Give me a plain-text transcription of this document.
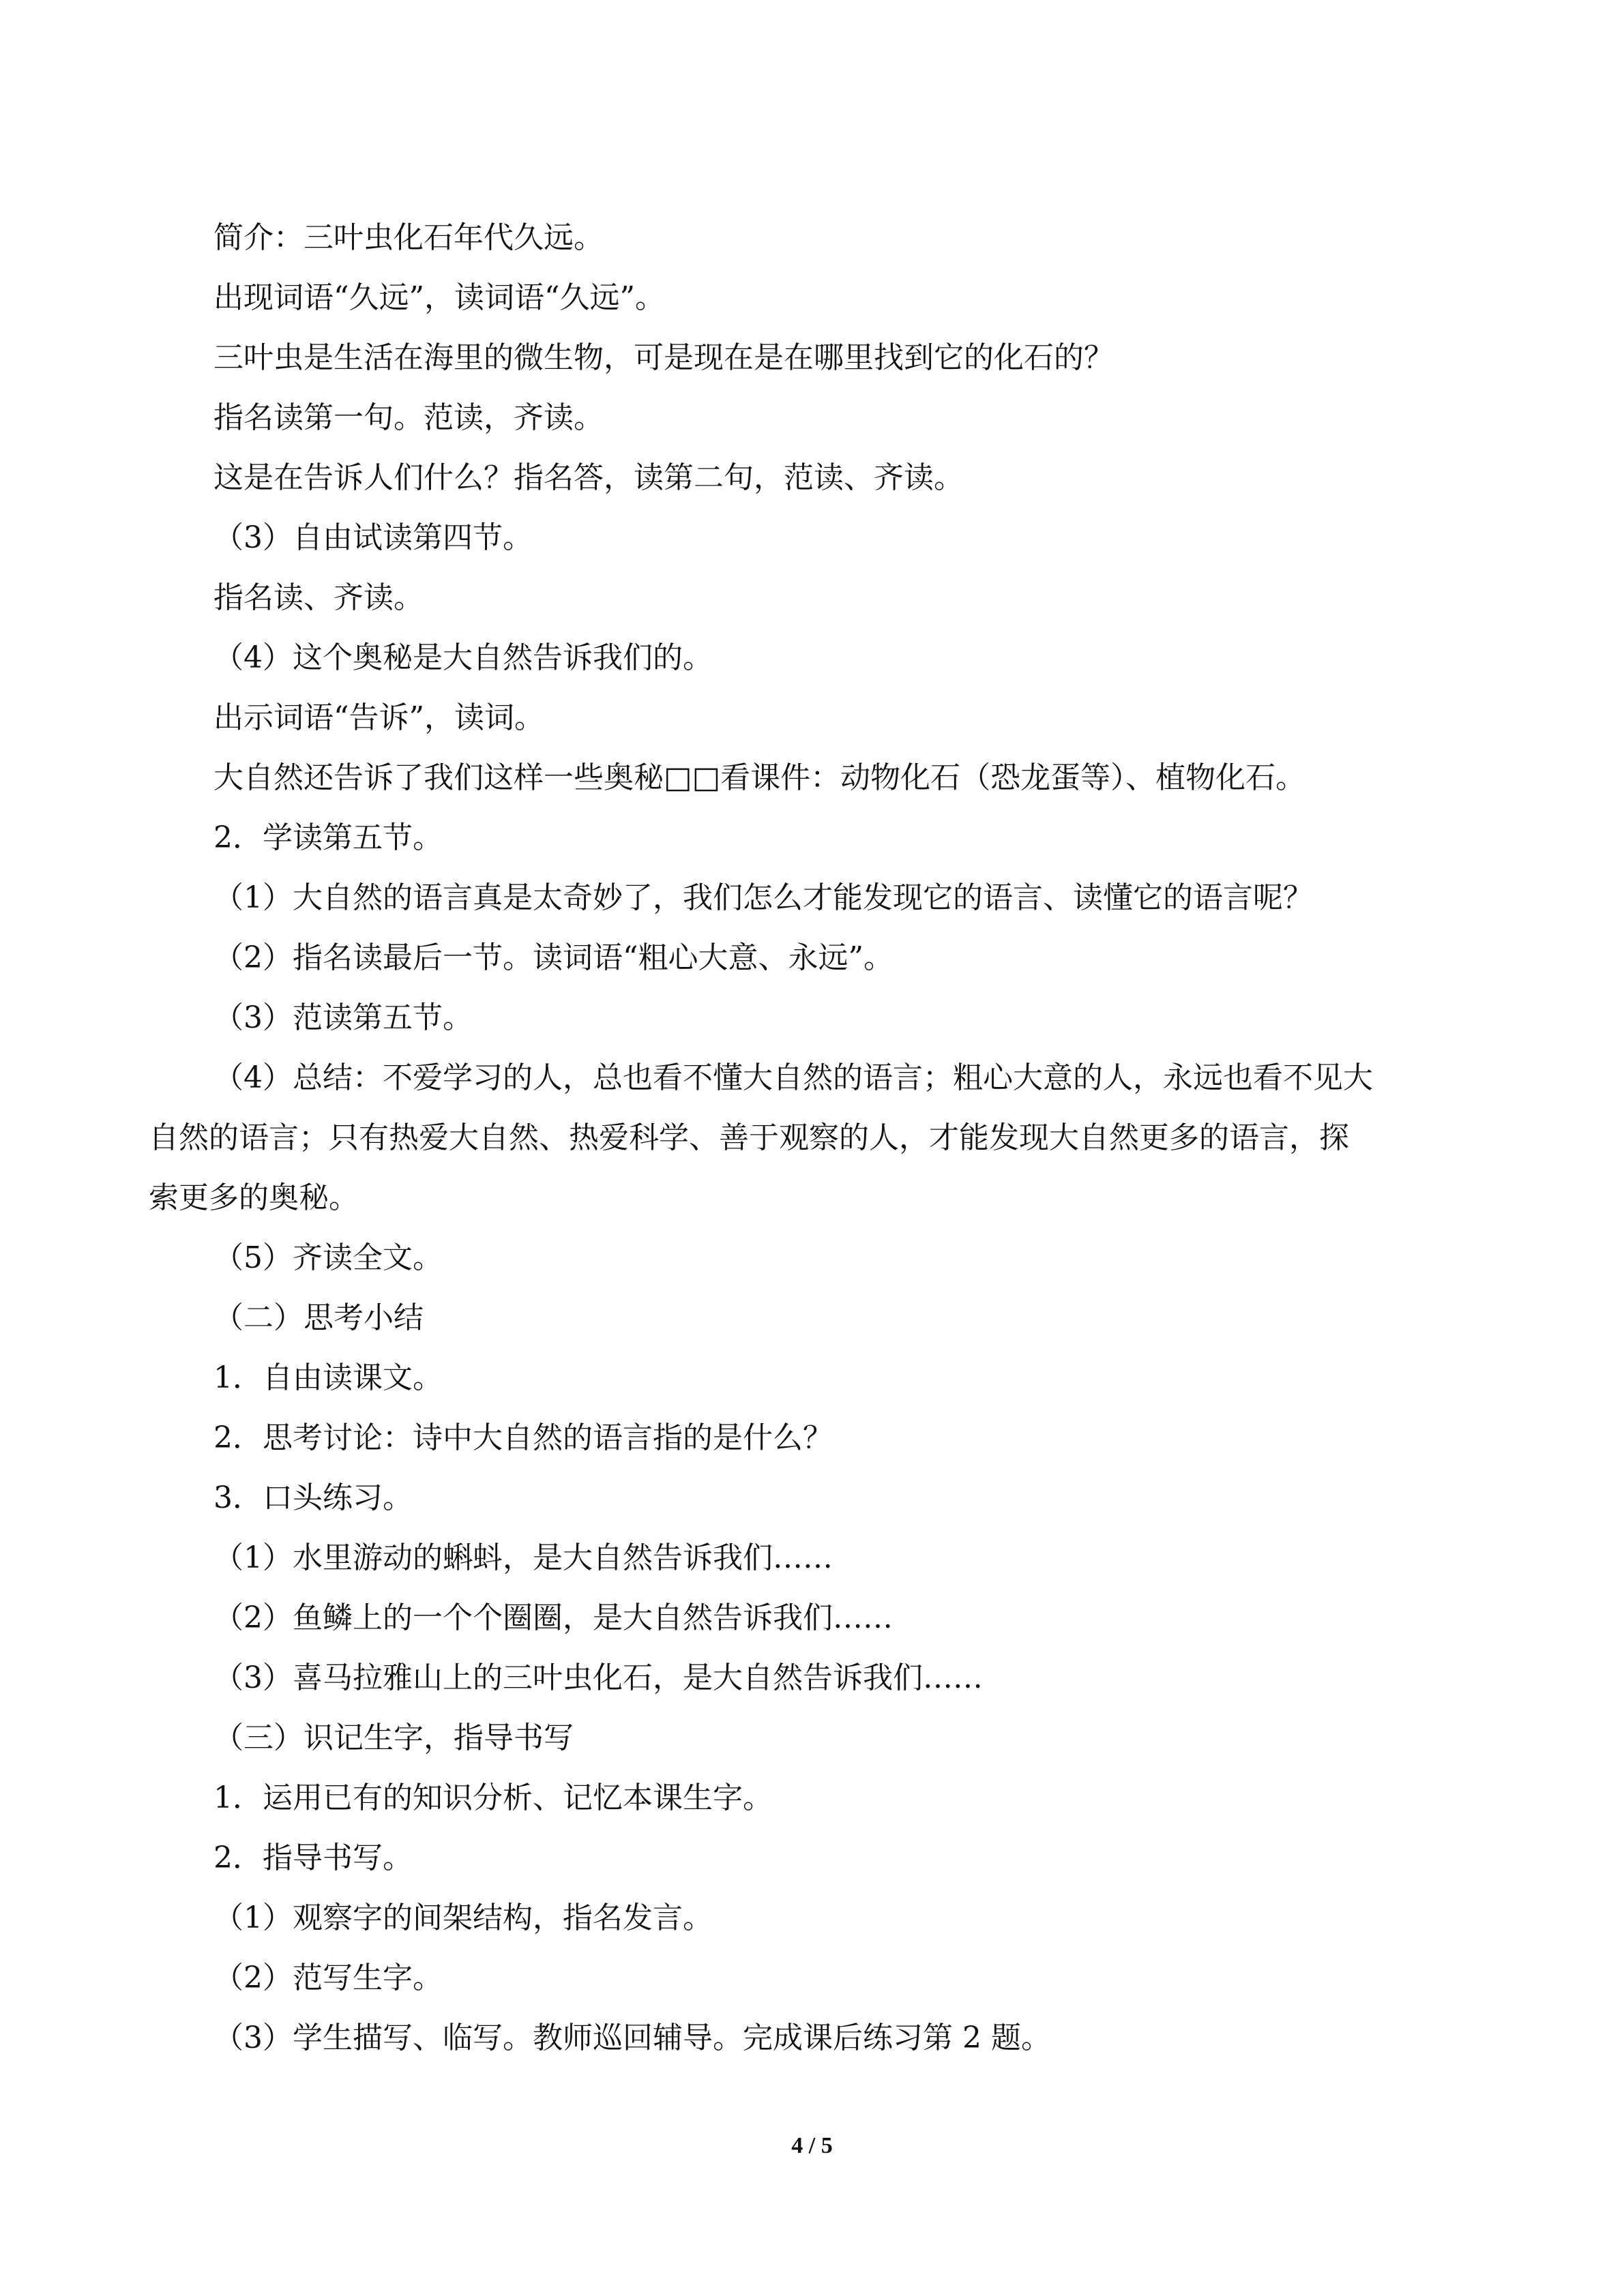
简介：三叶虫化石年代久远。
出现词语“久远”，读词语“久远”。
三叶虫是生活在海里的微生物，可是现在是在哪里找到它的化石的？
指名读第一句。范读，齐读。
这是在告诉人们什么？指名答，读第二句，范读、齐读。
（3）自由试读第四节。
指名读、齐读。
（4）这个奥秘是大自然告诉我们的。
出示词语“告诉”，读词。
大自然还告诉了我们这样一些奥秘□□看课件：动物化石（恐龙蛋等）、植物化石。
2．学读第五节。
（1）大自然的语言真是太奇妙了，我们怎么才能发现它的语言、读懂它的语言呢？
（2）指名读最后一节。读词语“粗心大意、永远”。
（3）范读第五节。
（4）总结：不爱学习的人，总也看不懂大自然的语言；粗心大意的人，永远也看不见大
自然的语言；只有热爱大自然、热爱科学、善于观察的人，才能发现大自然更多的语言，探
索更多的奥秘。
（5）齐读全文。
（二）思考小结
1．自由读课文。
2．思考讨论：诗中大自然的语言指的是什么？
3．口头练习。
（1）水里游动的蝌蚪，是大自然告诉我们……
（2）鱼鳞上的一个个圈圈，是大自然告诉我们……
（3）喜马拉雅山上的三叶虫化石，是大自然告诉我们……
（三）识记生字，指导书写
1．运用已有的知识分析、记忆本课生字。
2．指导书写。
（1）观察字的间架结构，指名发言。
（2）范写生字。
（3）学生描写、临写。教师巡回辅导。完成课后练习第 2 题。
4 / 5
